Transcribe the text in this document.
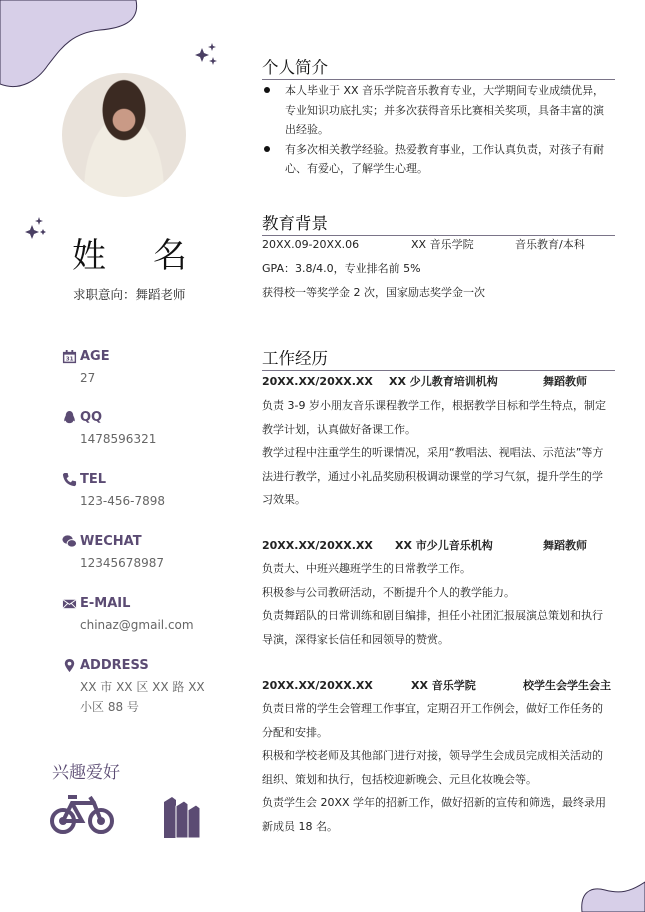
姓 名
求职意向：舞蹈老师
31 AGE
27
QQ
1478596321
TEL
123-456-7898
WECHAT
12345678987
E-MAIL
chinaz@gmail.com
ADDRESS
XX 市 XX 区 XX 路 XX
小区 88 号
兴趣爱好
个人简介
本人毕业于 XX 音乐学院音乐教育专业，大学期间专业成绩优异，专业知识功底扎实；并多次获得音乐比赛相关奖项，具备丰富的演出经验。
有多次相关教学经验。热爱教育事业，工作认真负责，对孩子有耐心、有爱心，了解学生心理。
教育背景
20XX.09-20XX.06	XX 音乐学院	音乐教育/本科
GPA：3.8/4.0，专业排名前 5%
获得校一等奖学金 2 次，国家励志奖学金一次
工作经历
20XX.XX/20XX.XX XX 少儿教育培训机构	舞蹈教师
负责 3-9 岁小朋友音乐课程教学工作，根据教学目标和学生特点，制定教学计划，认真做好备课工作。
教学过程中注重学生的听课情况，采用“教唱法、视唱法、示范法”等方法进行教学，通过小礼品奖励积极调动课堂的学习气氛，提升学生的学习效果。
20XX.XX/20XX.XX XX 市少儿音乐机构	舞蹈教师
负责大、中班兴趣班学生的日常教学工作。
积极参与公司教研活动，不断提升个人的教学能力。
负责舞蹈队的日常训练和剧目编排，担任小社团汇报展演总策划和执行导演，深得家长信任和园领导的赞赏。
20XX.XX/20XX.XX	XX 音乐学院	校学生会学生会主
负责日常的学生会管理工作事宜，定期召开工作例会，做好工作任务的分配和安排。
积极和学校老师及其他部门进行对接，领导学生会成员完成相关活动的组织、策划和执行，包括校迎新晚会、元旦化妆晚会等。
负责学生会 20XX 学年的招新工作，做好招新的宣传和筛选，最终录用新成员 18 名。
